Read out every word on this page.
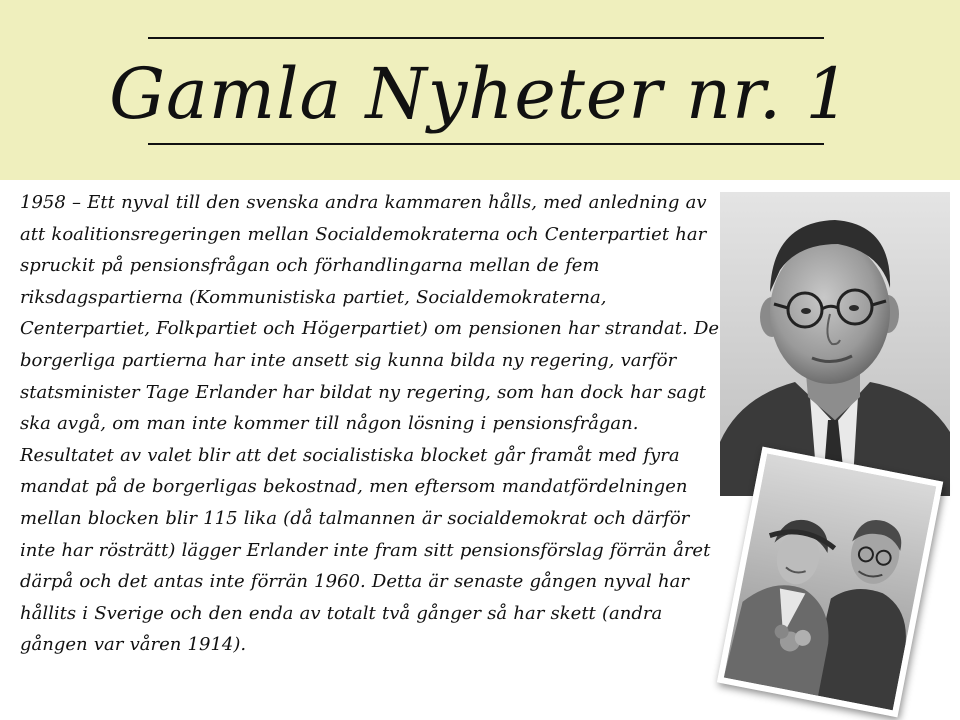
Gamla Nyheter nr. 1

1958 – Ett nyval till den svenska andra kammaren hålls, med anledning av att koalitionsregeringen mellan Socialdemokraterna och Centerpartiet har spruckit på pensionsfrågan och förhandlingarna mellan de fem riksdagspartierna (Kommunistiska partiet, Socialdemokraterna, Centerpartiet, Folkpartiet och Högerpartiet) om pensionen har strandat. De borgerliga partierna har inte ansett sig kunna bilda ny regering, varför statsminister Tage Erlander har bildat ny regering, som han dock har sagt ska avgå, om man inte kommer till någon lösning i pensionsfrågan. Resultatet av valet blir att det socialistiska blocket går framåt med fyra mandat på de borgerligas bekostnad, men eftersom mandatfördelningen mellan blocken blir 115 lika (då talmannen är socialdemokrat och därför inte har rösträtt) lägger Erlander inte fram sitt pensionsförslag förrän året därpå och det antas inte förrän 1960. Detta är senaste gången nyval har hållits i Sverige och den enda av totalt två gånger så har skett (andra gången var våren 1914).
